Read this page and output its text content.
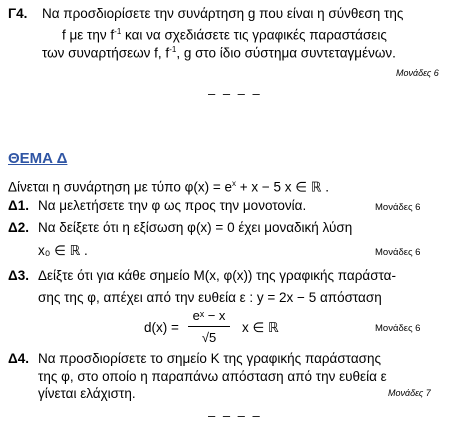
Γ4. Να προσδιορίσετε την συνάρτηση g που είναι η σύνθεση της
f με την $f^{-1}$ και να σχεδιάσετε τις γραφικές παραστάσεις
των συναρτήσεων f, $f^{-1}$, g στο ίδιο σύστημα συντεταγμένων.
Μονάδες 6
– – – –
ΘΕΜΑ Δ
Δίνεται η συνάρτηση με τύπο $\varphi(x) = e^x + x - 5$ x ∈ ℝ .
Δ1. Να μελετήσετε την φ ως προς την μονοτονία.	Μονάδες 6
Δ2. Να δείξετε ότι η εξίσωση φ(x) = 0 έχει μοναδική λύση
x₀ ∈ ℝ .	Μονάδες 6
Δ3. Δείξτε ότι για κάθε σημείο M(x, φ(x)) της γραφικής παράστα-
σης της φ, απέχει από την ευθεία ε : y = 2x − 5 απόσταση
d(x) =
eˣ − x
√5
x ∈ ℝ	Μονάδες 6
Δ4. Να προσδιορίσετε το σημείο K της γραφικής παράστασης
της φ, στο οποίο η παραπάνω απόσταση από την ευθεία ε
γίνεται ελάχιστη.	Μονάδες 7
– – – –
